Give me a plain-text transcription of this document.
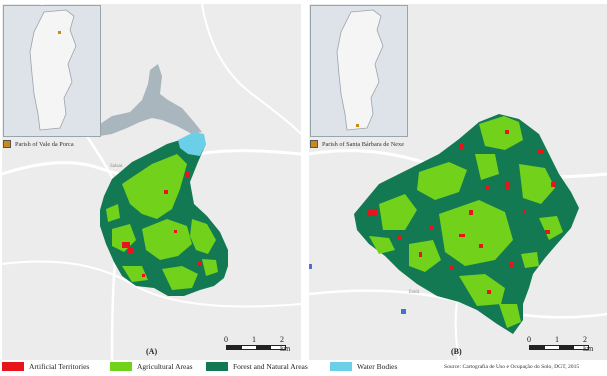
Salsas
Parish of Vale da Porca
0	1	2 km
(A)
Estói
Parish of Santa Bárbara de Nexe
0	1	2 km
(B)
Artificial Territories	Agricultural Areas	Forest and Natural Areas	Water Bodies	Source: Cartografia de Uso e Ocupação do Solo, DGT, 2015
